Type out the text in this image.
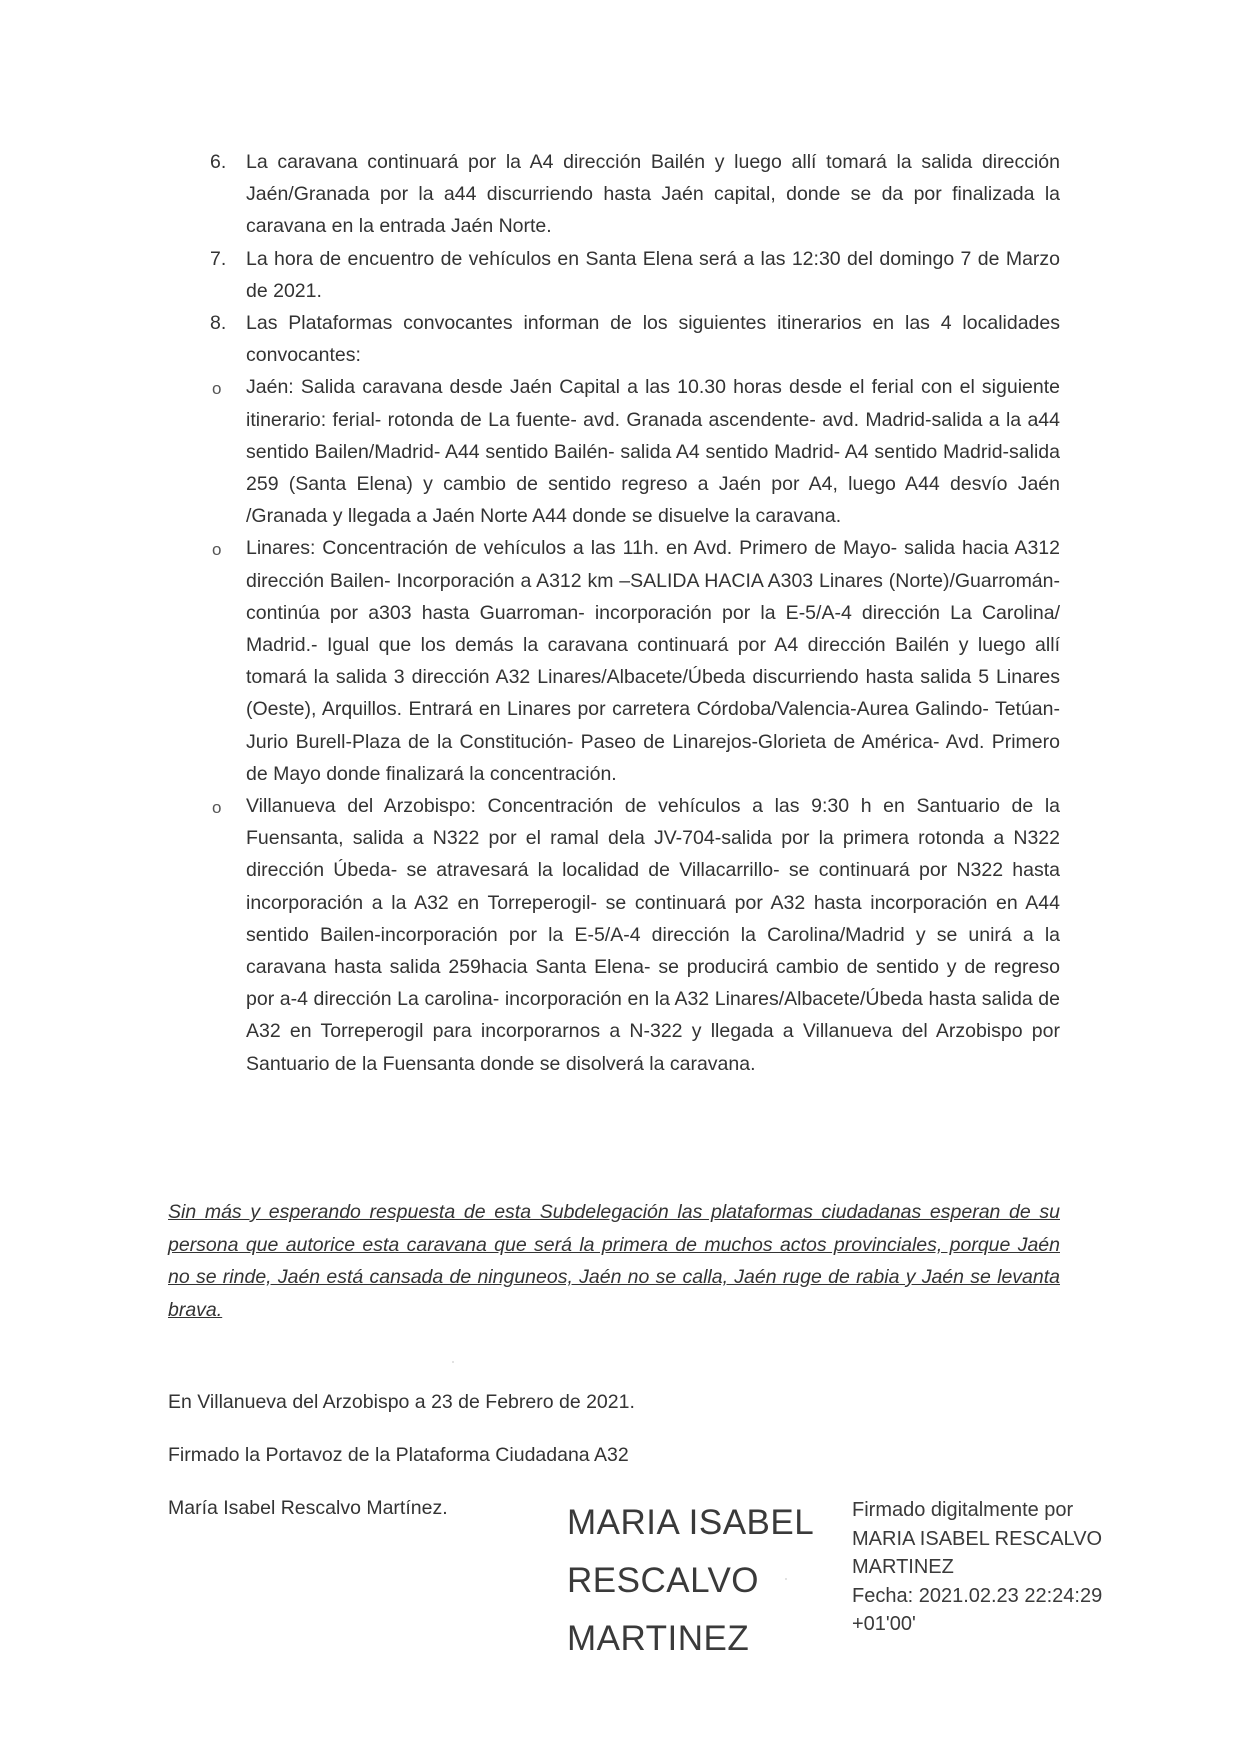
6. La caravana continuará por la A4 dirección Bailén y luego allí tomará la salida dirección Jaén/Granada por la a44 discurriendo hasta Jaén capital, donde se da por finalizada la caravana en la entrada Jaén Norte.
7. La hora de encuentro de vehículos en Santa Elena será a las 12:30 del domingo 7 de Marzo de 2021.
8. Las Plataformas convocantes informan de los siguientes itinerarios en las 4 localidades convocantes:
o Jaén: Salida caravana desde Jaén Capital a las 10.30 horas desde el ferial con el siguiente itinerario: ferial- rotonda de La fuente- avd. Granada ascendente- avd. Madrid-salida a la a44 sentido Bailen/Madrid- A44 sentido Bailén- salida A4 sentido Madrid- A4 sentido Madrid-salida 259 (Santa Elena) y cambio de sentido regreso a Jaén por A4, luego A44 desvío Jaén /Granada y llegada a Jaén Norte A44 donde se disuelve la caravana.
o Linares: Concentración de vehículos a las 11h. en Avd. Primero de Mayo- salida hacia A312 dirección Bailen- Incorporación a A312 km –SALIDA HACIA A303 Linares (Norte)/Guarromán- continúa por a303 hasta Guarroman- incorporación por la E-5/A-4 dirección La Carolina/ Madrid.- Igual que los demás la caravana continuará por A4 dirección Bailén y luego allí tomará la salida 3 dirección A32 Linares/Albacete/Úbeda discurriendo hasta salida 5 Linares (Oeste), Arquillos. Entrará en Linares por carretera Córdoba/Valencia-Aurea Galindo- Tetúan-Jurio Burell-Plaza de la Constitución- Paseo de Linarejos-Glorieta de América- Avd. Primero de Mayo donde finalizará la concentración.
o Villanueva del Arzobispo: Concentración de vehículos a las 9:30 h en Santuario de la Fuensanta, salida a N322 por el ramal dela JV-704-salida por la primera rotonda a N322 dirección Úbeda- se atravesará la localidad de Villacarrillo- se continuará por N322 hasta incorporación a la A32 en Torreperogil- se continuará por A32 hasta incorporación en A44 sentido Bailen-incorporación por la E-5/A-4 dirección la Carolina/Madrid y se unirá a la caravana hasta salida 259hacia Santa Elena- se producirá cambio de sentido y de regreso por a-4 dirección La carolina- incorporación en la A32 Linares/Albacete/Úbeda hasta salida de A32 en Torreperogil para incorporarnos a N-322 y llegada a Villanueva del Arzobispo por Santuario de la Fuensanta donde se disolverá la caravana.

Sin más y esperando respuesta de esta Subdelegación las plataformas ciudadanas esperan de su persona que autorice esta caravana que será la primera de muchos actos provinciales, porque Jaén no se rinde, Jaén está cansada de ninguneos, Jaén no se calla, Jaén ruge de rabia y Jaén se levanta brava.

En Villanueva del Arzobispo a 23 de Febrero de 2021.

Firmado la Portavoz de la Plataforma Ciudadana A32

María Isabel Rescalvo Martínez.	MARIA ISABEL
RESCALVO
MARTINEZ
Firmado digitalmente por
MARIA ISABEL RESCALVO
MARTINEZ
Fecha: 2021.02.23 22:24:29
+01'00'
